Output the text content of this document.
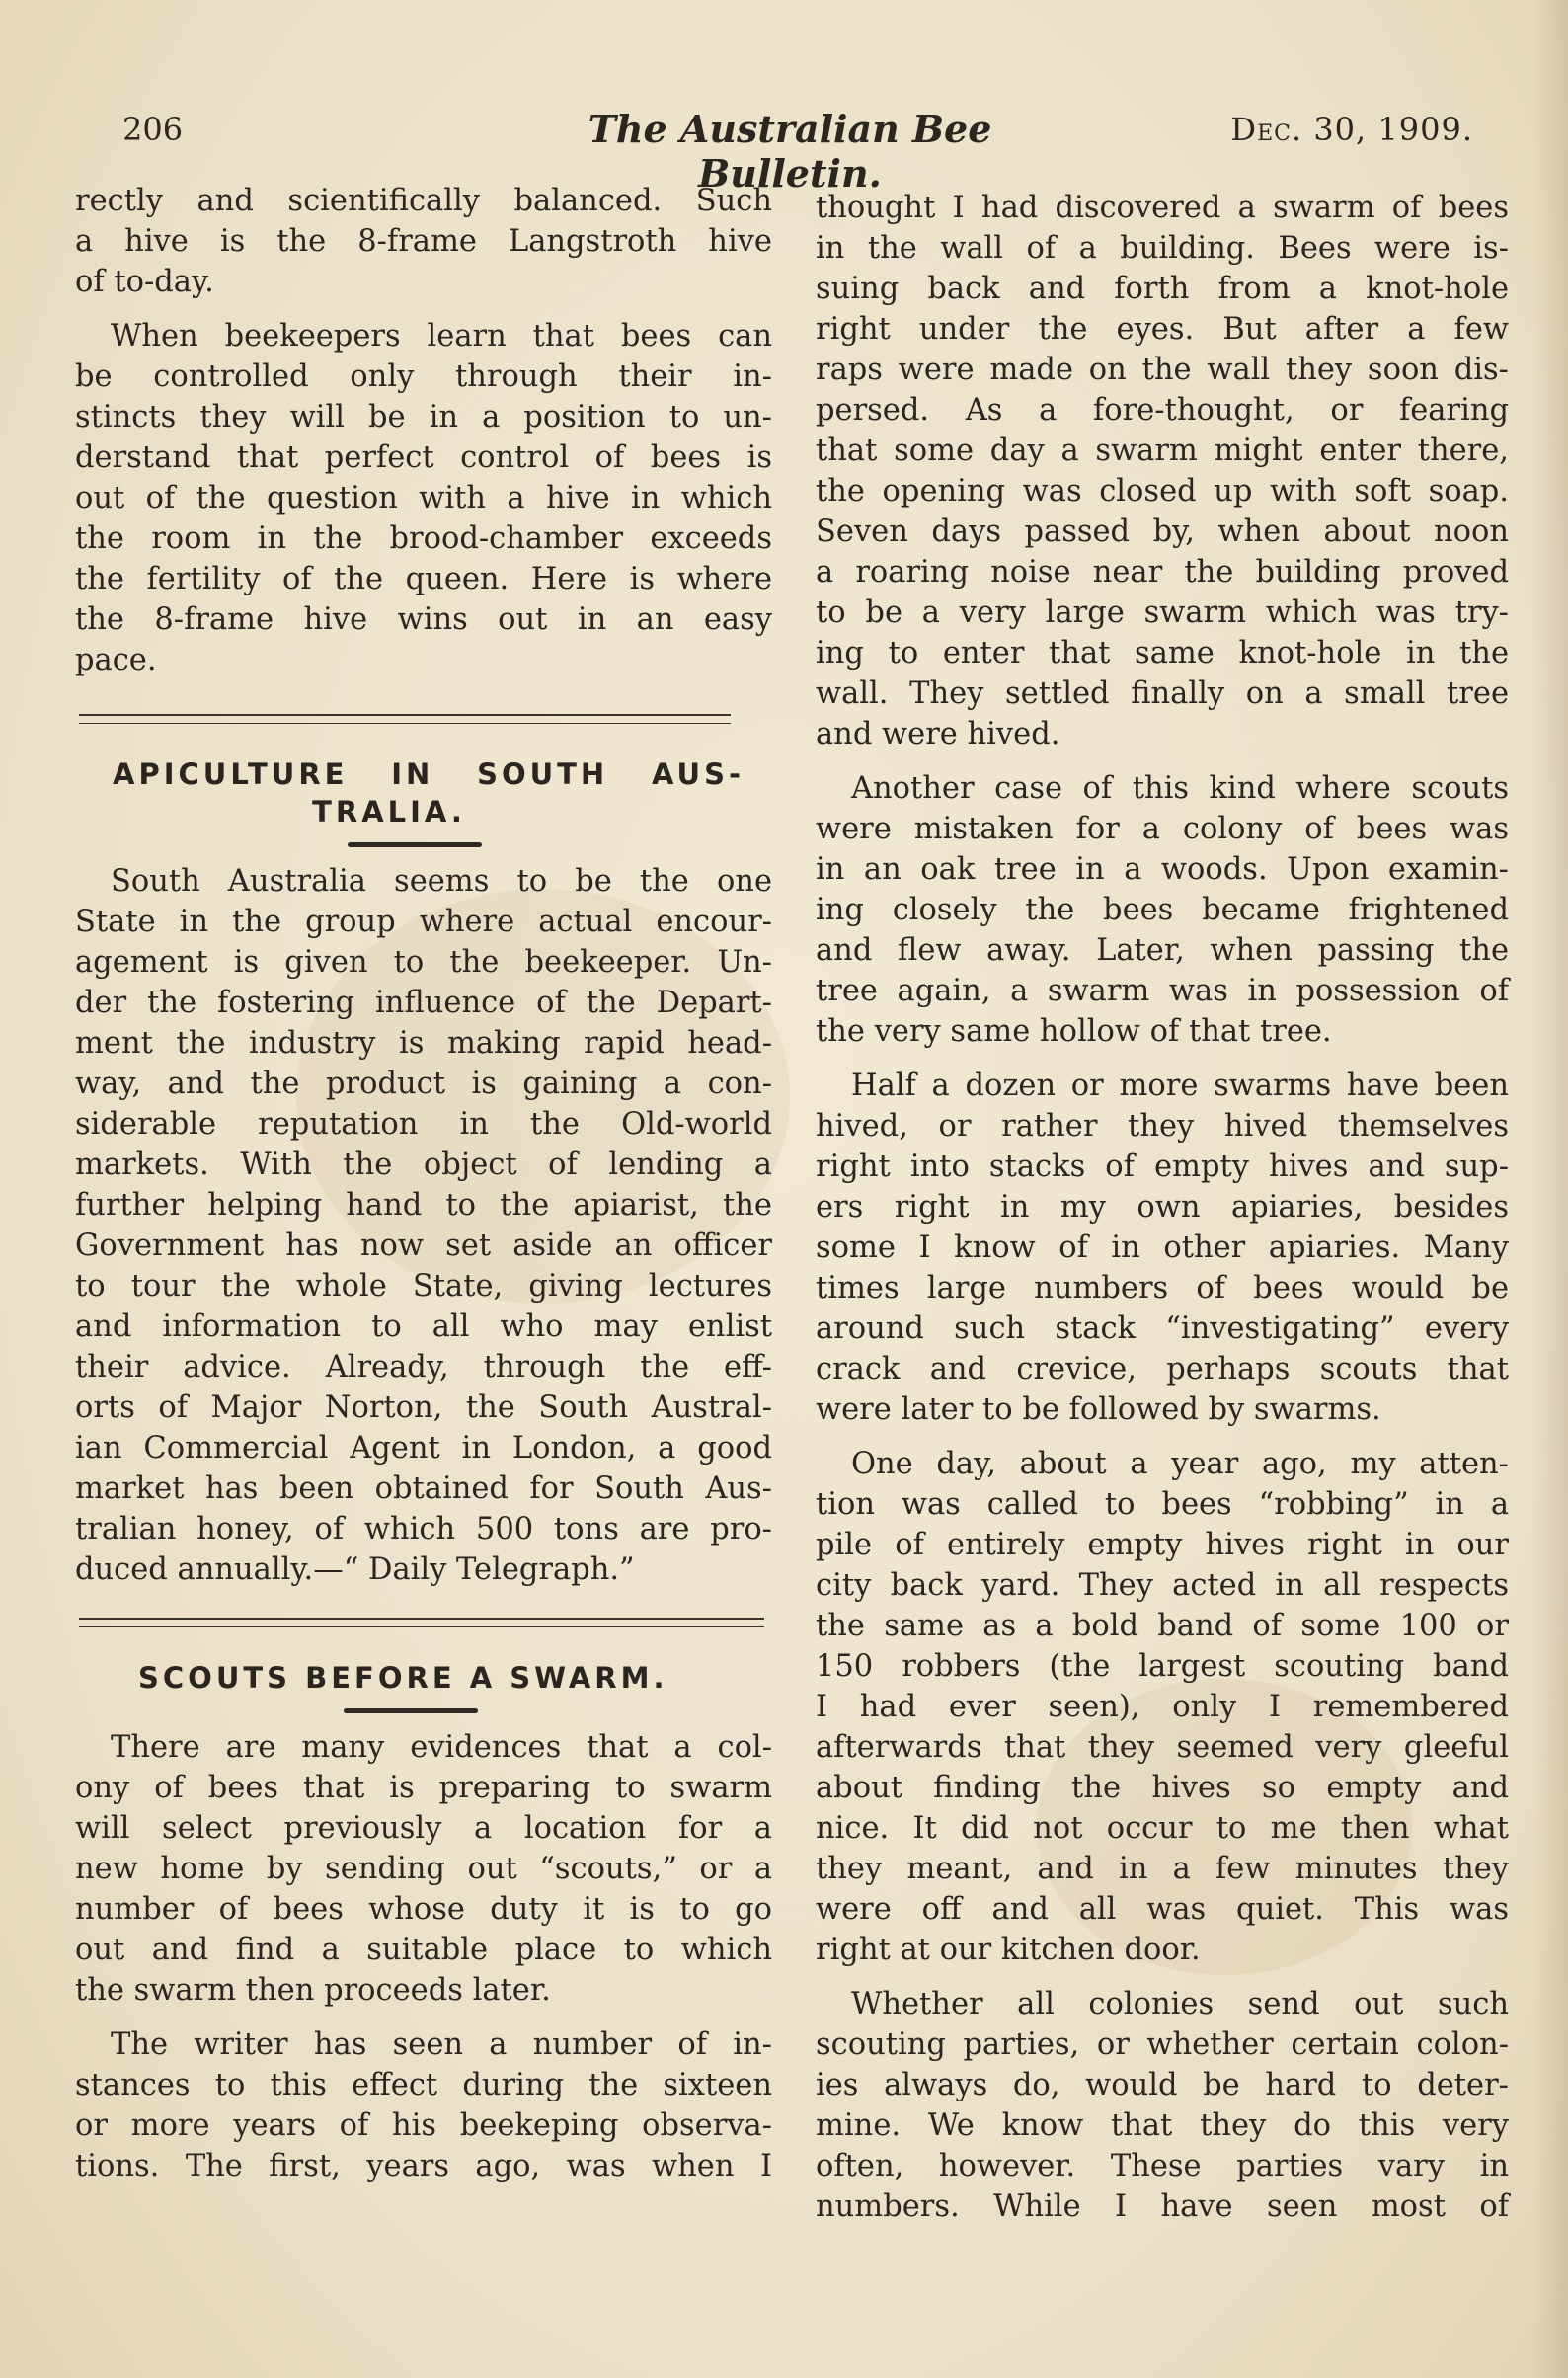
206	The Australian Bee Bulletin.
Dec. 30, 1909.
rectly and scientifically balanced. Such
a hive is the 8-frame Langstroth hive
of to-day.
When beekeepers learn that bees can
be controlled only through their in-
stincts they will be in a position to un-
derstand that perfect control of bees is
out of the question with a hive in which
the room in the brood-chamber exceeds
the fertility of the queen. Here is where
the 8-frame hive wins out in an easy
pace.
APICULTURE IN SOUTH AUS-
TRALIA.
South Australia seems to be the one
State in the group where actual encour-
agement is given to the beekeeper. Un-
der the fostering influence of the Depart-
ment the industry is making rapid head-
way, and the product is gaining a con-
siderable reputation in the Old-world
markets. With the object of lending a
further helping hand to the apiarist, the
Government has now set aside an officer
to tour the whole State, giving lectures
and information to all who may enlist
their advice. Already, through the eff-
orts of Major Norton, the South Austral-
ian Commercial Agent in London, a good
market has been obtained for South Aus-
tralian honey, of which 500 tons are pro-
duced annually.—“ Daily Telegraph.”
SCOUTS BEFORE A SWARM.
There are many evidences that a col-
ony of bees that is preparing to swarm
will select previously a location for a
new home by sending out “scouts,” or a
number of bees whose duty it is to go
out and find a suitable place to which
the swarm then proceeds later.
The writer has seen a number of in-
stances to this effect during the sixteen
or more years of his beekeping observa-
tions. The first, years ago, was when I
thought I had discovered a swarm of bees
in the wall of a building. Bees were is-
suing back and forth from a knot-hole
right under the eyes. But after a few
raps were made on the wall they soon dis-
persed. As a fore-thought, or fearing
that some day a swarm might enter there,
the opening was closed up with soft soap.
Seven days passed by, when about noon
a roaring noise near the building proved
to be a very large swarm which was try-
ing to enter that same knot-hole in the
wall. They settled finally on a small tree
and were hived.
Another case of this kind where scouts
were mistaken for a colony of bees was
in an oak tree in a woods. Upon examin-
ing closely the bees became frightened
and flew away. Later, when passing the
tree again, a swarm was in possession of
the very same hollow of that tree.
Half a dozen or more swarms have been
hived, or rather they hived themselves
right into stacks of empty hives and sup-
ers right in my own apiaries, besides
some I know of in other apiaries. Many
times large numbers of bees would be
around such stack “investigating” every
crack and crevice, perhaps scouts that
were later to be followed by swarms.
One day, about a year ago, my atten-
tion was called to bees “robbing” in a
pile of entirely empty hives right in our
city back yard. They acted in all respects
the same as a bold band of some 100 or
150 robbers (the largest scouting band
I had ever seen), only I remembered
afterwards that they seemed very gleeful
about finding the hives so empty and
nice. It did not occur to me then what
they meant, and in a few minutes they
were off and all was quiet. This was
right at our kitchen door.
Whether all colonies send out such
scouting parties, or whether certain colon-
ies always do, would be hard to deter-
mine. We know that they do this very
often, however. These parties vary in
numbers. While I have seen most of
